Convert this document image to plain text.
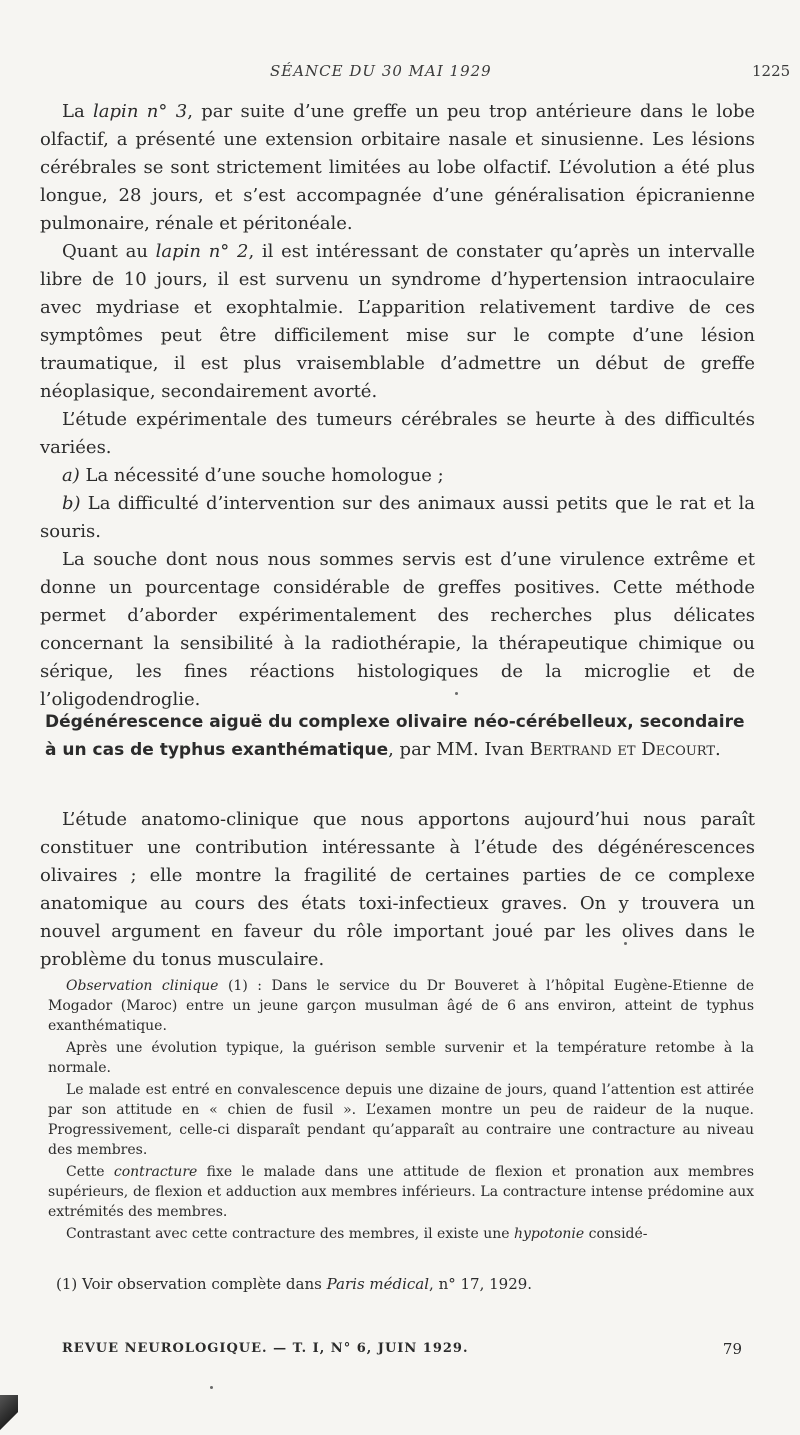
SÉANCE DU 30 MAI 1929	1225

La lapin n° 3, par suite d’une greffe un peu trop antérieure dans le lobe olfactif, a présenté une extension orbitaire nasale et sinusienne. Les lésions cérébrales se sont strictement limitées au lobe olfactif. L’évolution a été plus longue, 28 jours, et s’est accompagnée d’une généralisation épicranienne pulmonaire, rénale et péritonéale.

Quant au lapin n° 2, il est intéressant de constater qu’après un intervalle libre de 10 jours, il est survenu un syndrome d’hypertension intraoculaire avec mydriase et exophtalmie. L’apparition relativement tardive de ces symptômes peut être difficilement mise sur le compte d’une lésion traumatique, il est plus vraisemblable d’admettre un début de greffe néoplasique, secondairement avorté.

L’étude expérimentale des tumeurs cérébrales se heurte à des difficultés variées.

a) La nécessité d’une souche homologue ;

b) La difficulté d’intervention sur des animaux aussi petits que le rat et la souris.

La souche dont nous nous sommes servis est d’une virulence extrême et donne un pourcentage considérable de greffes positives. Cette méthode permet d’aborder expérimentalement des recherches plus délicates concernant la sensibilité à la radiothérapie, la thérapeutique chimique ou sérique, les fines réactions histologiques de la microglie et de l’oligodendroglie.

Dégénérescence aiguë du complexe olivaire néo-cérébelleux, secondaire à un cas de typhus exanthématique, par MM. Ivan Bertrand et Decourt.

L’étude anatomo-clinique que nous apportons aujourd’hui nous paraît constituer une contribution intéressante à l’étude des dégénérescences olivaires ; elle montre la fragilité de certaines parties de ce complexe anatomique au cours des états toxi-infectieux graves. On y trouvera un nouvel argument en faveur du rôle important joué par les olives dans le problème du tonus musculaire.

Observation clinique (1) : Dans le service du Dr Bouveret à l’hôpital Eugène-Etienne de Mogador (Maroc) entre un jeune garçon musulman âgé de 6 ans environ, atteint de typhus exanthématique.

Après une évolution typique, la guérison semble survenir et la température retombe à la normale.

Le malade est entré en convalescence depuis une dizaine de jours, quand l’attention est attirée par son attitude en « chien de fusil ». L’examen montre un peu de raideur de la nuque. Progressivement, celle-ci disparaît pendant qu’apparaît au contraire une contracture au niveau des membres.

Cette contracture fixe le malade dans une attitude de flexion et pronation aux membres supérieurs, de flexion et adduction aux membres inférieurs. La contracture intense prédomine aux extrémités des membres.

Contrastant avec cette contracture des membres, il existe une hypotonie considé-

(1) Voir observation complète dans Paris médical, n° 17, 1929.
REVUE NEUROLOGIQUE. — T. I, N° 6, JUIN 1929.	79
